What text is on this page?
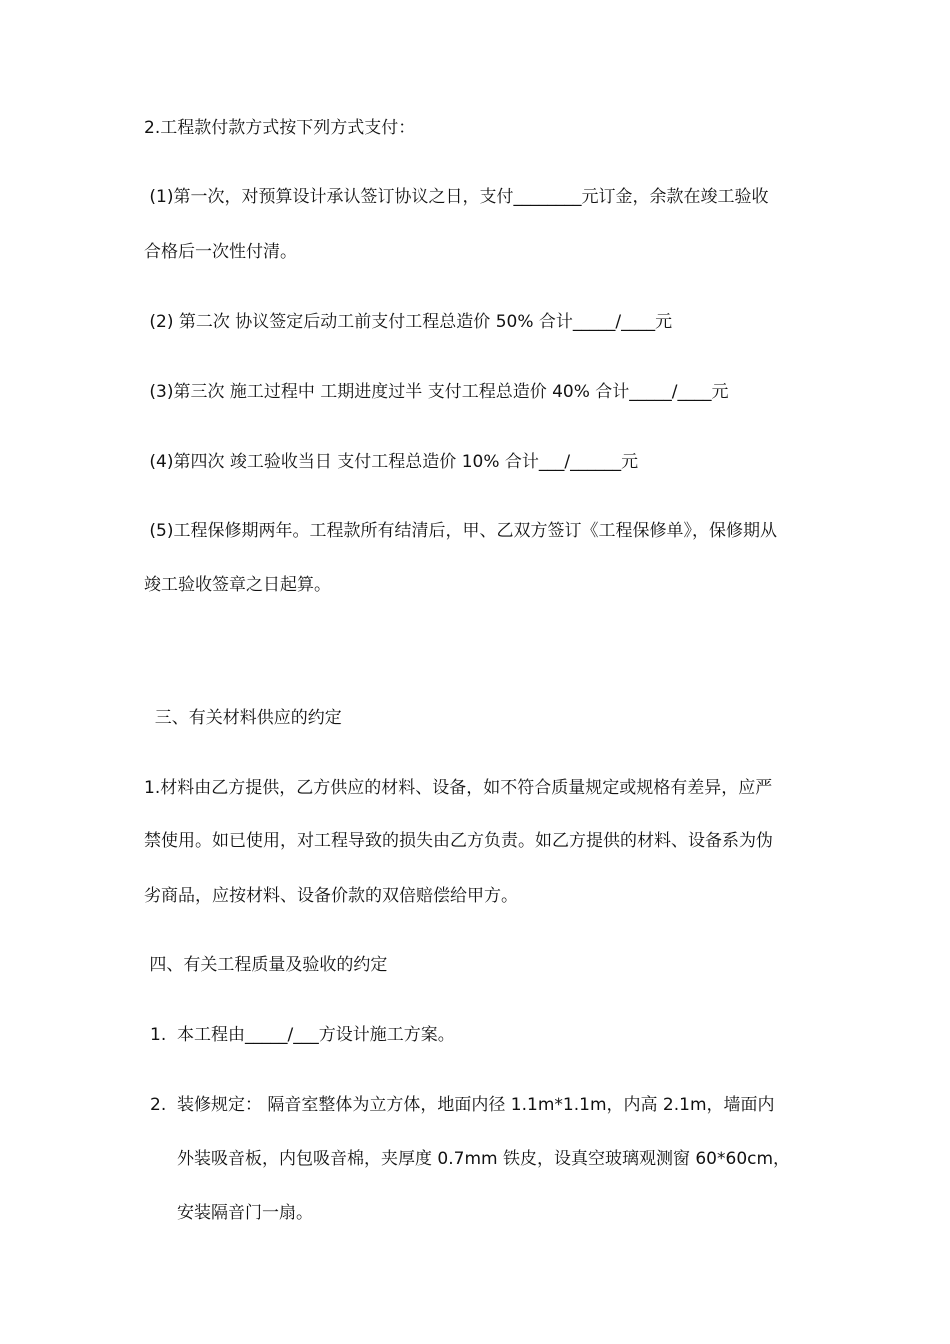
2.工程款付款方式按下列方式支付：
(1)第一次，对预算设计承认签订协议之日，支付________元订金，余款在竣工验收
合格后一次性付清。
(2) 第二次 协议签定后动工前支付工程总造价 50% 合计_____/____元
(3)第三次 施工过程中 工期进度过半 支付工程总造价 40% 合计_____/____元
(4)第四次 竣工验收当日 支付工程总造价 10% 合计___/______元
(5)工程保修期两年。工程款所有结清后，甲、乙双方签订《工程保修单》，保修期从
竣工验收签章之日起算。
三、有关材料供应的约定
1.材料由乙方提供，乙方供应的材料、设备，如不符合质量规定或规格有差异，应严
禁使用。如已使用，对工程导致的损失由乙方负责。如乙方提供的材料、设备系为伪
劣商品，应按材料、设备价款的双倍赔偿给甲方。
四、有关工程质量及验收的约定
1. 本工程由_____/___方设计施工方案。
2. 装修规定： 隔音室整体为立方体，地面内径 1.1m*1.1m，内高 2.1m，墙面内
外装吸音板，内包吸音棉，夹厚度 0.7mm 铁皮，设真空玻璃观测窗 60*60cm，
安装隔音门一扇。
